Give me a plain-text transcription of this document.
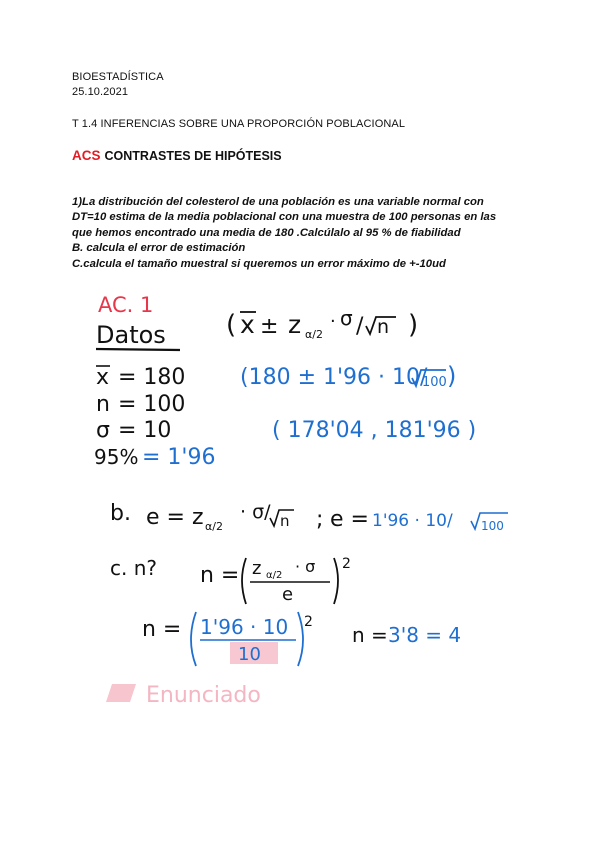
BIOESTADÍSTICA
25.10.2021
T 1.4 INFERENCIAS SOBRE UNA PROPORCIÓN POBLACIONAL
ACS CONTRASTES DE HIPÓTESIS
1)La distribución del colesterol de una población es una variable normal con
DT=10 estima de la media poblacional con una muestra de 100 personas en las
que hemos encontrado una media de 180 .Calcúlalo al 95 % de fiabilidad
B. calcula el error de estimación
C.calcula el tamaño muestral si queremos un error máximo de +-10ud
AC. 1
Datos ( x ± z α/2
· σ / n )
x = 180
n = 100
σ = 10
95% = 1'96
(180 ± 1'96 · 10/
100 )
( 178'04 , 181'96 )
b. e = z α/2
· σ/ n ; e = 1'96 · 10/ 100
c. n? n = z α/2 · σ
e
2
n = 1'96 · 10
10
2
n = 3'8 = 4
Enunciado
